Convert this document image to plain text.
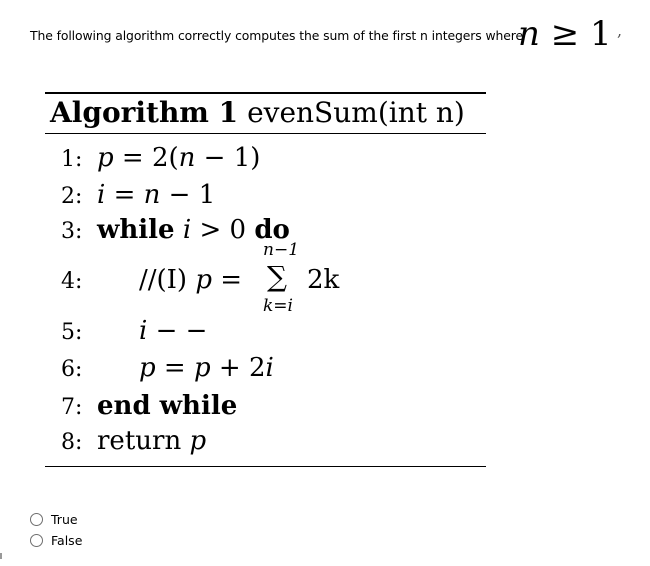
The following algorithm correctly computes the sum of the first n integers where
n ≥ 1 ,
Algorithm 1 evenSum(int n)
1: p = 2(n − 1)
2: i = n − 1
3: while i > 0 do
4: //(I) p =
n−1
∑
k=i
2k
5: i − −
6: p = p + 2i
7: end while
8: return p
True
False
